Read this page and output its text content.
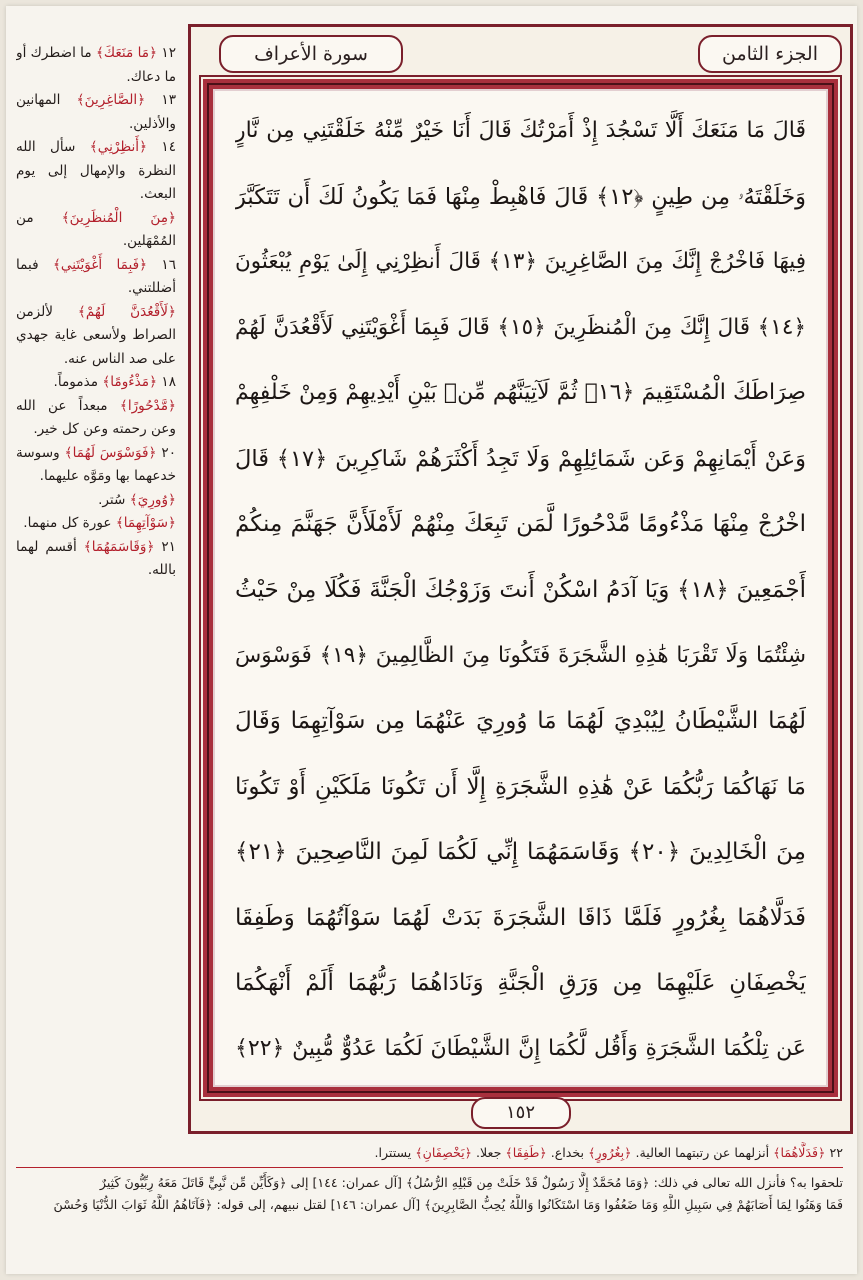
الجزء الثامن
سورة الأعراف
قَالَ مَا مَنَعَكَ أَلَّا تَسْجُدَ إِذْ أَمَرْتُكَ قَالَ أَنَا خَيْرٌ مِّنْهُ خَلَقْتَنِي مِن نَّارٍ
وَخَلَقْتَهُۥ مِن طِينٍ ﴿١٢﴾ قَالَ فَاهْبِطْ مِنْهَا فَمَا يَكُونُ لَكَ أَن تَتَكَبَّرَ
فِيهَا فَاخْرُجْ إِنَّكَ مِنَ الصَّاغِرِينَ ﴿١٣﴾ قَالَ أَنظِرْنِي إِلَىٰ يَوْمِ يُبْعَثُونَ
﴿١٤﴾ قَالَ إِنَّكَ مِنَ الْمُنظَرِينَ ﴿١٥﴾ قَالَ فَبِمَا أَغْوَيْتَنِي لَأَقْعُدَنَّ لَهُمْ
صِرَاطَكَ الْمُسْتَقِيمَ ﴿١٦﴾ ثُمَّ لَآتِيَنَّهُم مِّنۢ بَيْنِ أَيْدِيهِمْ وَمِنْ خَلْفِهِمْ
وَعَنْ أَيْمَانِهِمْ وَعَن شَمَائِلِهِمْ وَلَا تَجِدُ أَكْثَرَهُمْ شَاكِرِينَ ﴿١٧﴾ قَالَ
اخْرُجْ مِنْهَا مَذْءُومًا مَّدْحُورًا لَّمَن تَبِعَكَ مِنْهُمْ لَأَمْلَأَنَّ جَهَنَّمَ مِنكُمْ
أَجْمَعِينَ ﴿١٨﴾ وَيَا آدَمُ اسْكُنْ أَنتَ وَزَوْجُكَ الْجَنَّةَ فَكُلَا مِنْ حَيْثُ
شِئْتُمَا وَلَا تَقْرَبَا هَٰذِهِ الشَّجَرَةَ فَتَكُونَا مِنَ الظَّالِمِينَ ﴿١٩﴾ فَوَسْوَسَ
لَهُمَا الشَّيْطَانُ لِيُبْدِيَ لَهُمَا مَا وُورِيَ عَنْهُمَا مِن سَوْآتِهِمَا وَقَالَ
مَا نَهَاكُمَا رَبُّكُمَا عَنْ هَٰذِهِ الشَّجَرَةِ إِلَّا أَن تَكُونَا مَلَكَيْنِ أَوْ تَكُونَا
مِنَ الْخَالِدِينَ ﴿٢٠﴾ وَقَاسَمَهُمَا إِنِّي لَكُمَا لَمِنَ النَّاصِحِينَ ﴿٢١﴾
فَدَلَّاهُمَا بِغُرُورٍ فَلَمَّا ذَاقَا الشَّجَرَةَ بَدَتْ لَهُمَا سَوْآتُهُمَا وَطَفِقَا
يَخْصِفَانِ عَلَيْهِمَا مِن وَرَقِ الْجَنَّةِ وَنَادَاهُمَا رَبُّهُمَا أَلَمْ أَنْهَكُمَا
عَن تِلْكُمَا الشَّجَرَةِ وَأَقُل لَّكُمَا إِنَّ الشَّيْطَانَ لَكُمَا عَدُوٌّ مُّبِينٌ ﴿٢٢﴾
١٥٢
١٢ ﴿مَا مَنَعَكَ﴾ ما اضطرك أو ما دعاك.
١٣ ﴿الصَّاغِرِينَ﴾ المهانين والأذلين.
١٤ ﴿أَنظِرْنِي﴾ سأل الله النظرة والإمهال إلى يوم البعث.
﴿مِنَ الْمُنظَرِينَ﴾ من المُمْهَلين.
١٦ ﴿فَبِمَا أَغْوَيْتَنِي﴾ فبما أضللتني.
﴿لَأَقْعُدَنَّ لَهُمْ﴾ لألزمن الصراط ولأسعى غاية جهدي على صد الناس عنه.
١٨ ﴿مَذْءُومًا﴾ مذموماً.
﴿مَّدْحُورًا﴾ مبعداً عن الله وعن رحمته وعن كل خير.
٢٠ ﴿فَوَسْوَسَ لَهُمَا﴾ وسوسة خدعهما بها ومَوَّه عليهما.
﴿وُورِيَ﴾ سُتر.
﴿سَوْآتِهِمَا﴾ عورة كل منهما.
٢١ ﴿وَقَاسَمَهُمَا﴾ أقسم لهما بالله.
٢٢ ﴿فَدَلَّاهُمَا﴾ أنزلهما عن رتبتهما العالية. ﴿بِغُرُورٍ﴾ بخداع. ﴿طَفِقَا﴾ جعلا. ﴿يَخْصِفَانِ﴾ يستترا.
تلحقوا به؟ فأنزل الله تعالى في ذلك: ﴿وَمَا مُحَمَّدٌ إِلَّا رَسُولٌ قَدْ خَلَتْ مِن قَبْلِهِ الرُّسُلُ﴾ [آل عمران: ١٤٤] إلى ﴿وَكَأَيِّن مِّن نَّبِيٍّ قَاتَلَ مَعَهُ رِبِّيُّونَ كَثِيرٌ
فَمَا وَهَنُوا لِمَا أَصَابَهُمْ فِي سَبِيلِ اللَّهِ وَمَا ضَعُفُوا وَمَا اسْتَكَانُوا وَاللَّهُ يُحِبُّ الصَّابِرِينَ﴾ [آل عمران: ١٤٦] لقتل نبيهم، إلى قوله: ﴿فَآتَاهُمُ اللَّهُ ثَوَابَ الدُّنْيَا وَحُسْنَ
